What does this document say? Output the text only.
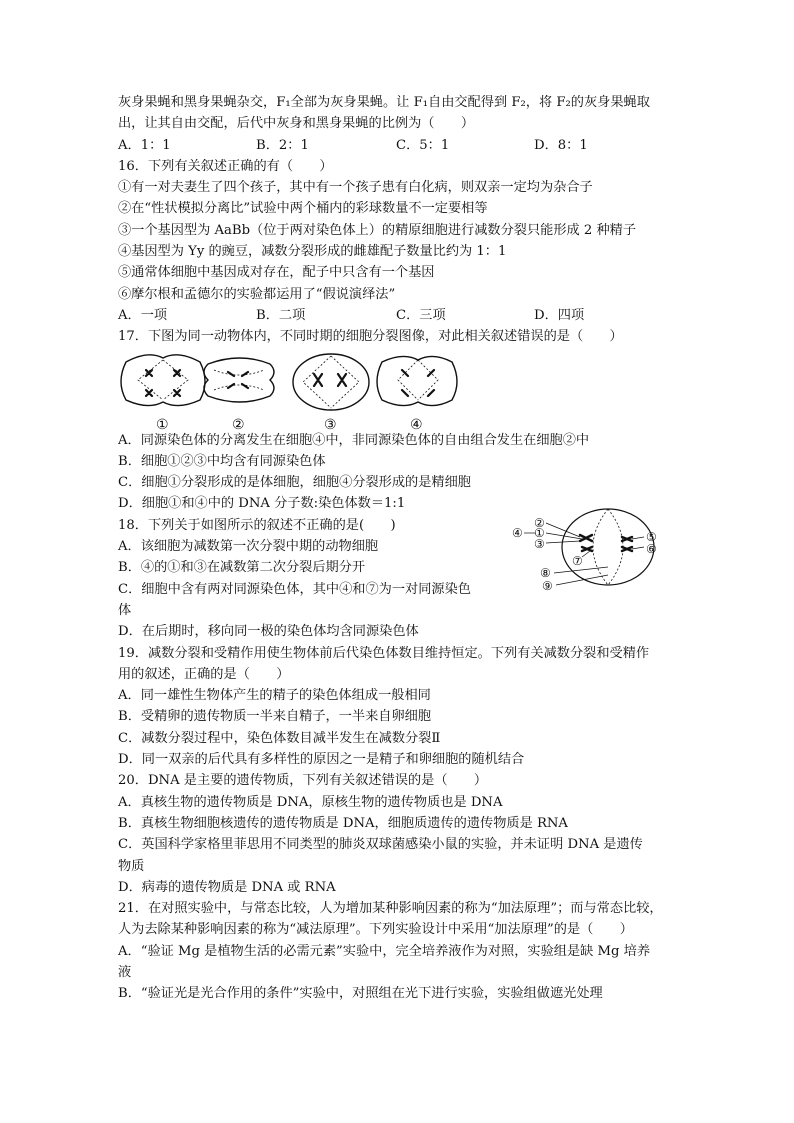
灰身果蝇和黑身果蝇杂交，F₁全部为灰身果蝇。让 F₁自由交配得到 F₂，将 F₂的灰身果蝇取
出，让其自由交配，后代中灰身和黑身果蝇的比例为（　　）
A．1：1	B．2：1	C．5：1	D．8：1
16．下列有关叙述正确的有（　　）
①有一对夫妻生了四个孩子，其中有一个孩子患有白化病，则双亲一定均为杂合子
②在“性状模拟分离比”试验中两个桶内的彩球数量不一定要相等
③一个基因型为 AaBb（位于两对染色体上）的精原细胞进行减数分裂只能形成 2 种精子
④基因型为 Yy 的豌豆，减数分裂形成的雌雄配子数量比约为 1：1
⑤通常体细胞中基因成对存在，配子中只含有一个基因
⑥摩尔根和孟德尔的实验都运用了“假说演绎法”
A．一项	B．二项	C．三项	D．四项
17．下图为同一动物体内，不同时期的细胞分裂图像，对此相关叙述错误的是（　　）
①	②	③	④
A．同源染色体的分离发生在细胞④中，非同源染色体的自由组合发生在细胞②中
B．细胞①②③中均含有同源染色体
C．细胞①分裂形成的是体细胞，细胞④分裂形成的是精细胞
D．细胞①和④中的 DNA 分子数:染色体数＝1:1
18．下列关于如图所示的叙述不正确的是(　　)
A．该细胞为减数第一次分裂中期的动物细胞
B．④的①和③在减数第二次分裂后期分开
C．细胞中含有两对同源染色体，其中④和⑦为一对同源染色
体
D．在后期时，移向同一极的染色体均含同源染色体
②
①
③
④	⑤
⑥
⑦
⑧
⑨
19．减数分裂和受精作用使生物体前后代染色体数目维持恒定。下列有关减数分裂和受精作
用的叙述，正确的是（　　）
A．同一雄性生物体产生的精子的染色体组成一般相同
B．受精卵的遗传物质一半来自精子，一半来自卵细胞
C．减数分裂过程中，染色体数目减半发生在减数分裂Ⅱ
D．同一双亲的后代具有多样性的原因之一是精子和卵细胞的随机结合
20．DNA 是主要的遗传物质，下列有关叙述错误的是（　　）
A．真核生物的遗传物质是 DNA，原核生物的遗传物质也是 DNA
B．真核生物细胞核遗传的遗传物质是 DNA，细胞质遗传的遗传物质是 RNA
C．英国科学家格里菲思用不同类型的肺炎双球菌感染小鼠的实验，并未证明 DNA 是遗传
物质
D．病毒的遗传物质是 DNA 或 RNA
21．在对照实验中，与常态比较，人为增加某种影响因素的称为“加法原理”；而与常态比较，
人为去除某种影响因素的称为“减法原理”。下列实验设计中采用“加法原理”的是（　　）
A．“验证 Mg 是植物生活的必需元素”实验中，完全培养液作为对照，实验组是缺 Mg 培养
液
B．“验证光是光合作用的条件”实验中，对照组在光下进行实验，实验组做遮光处理
